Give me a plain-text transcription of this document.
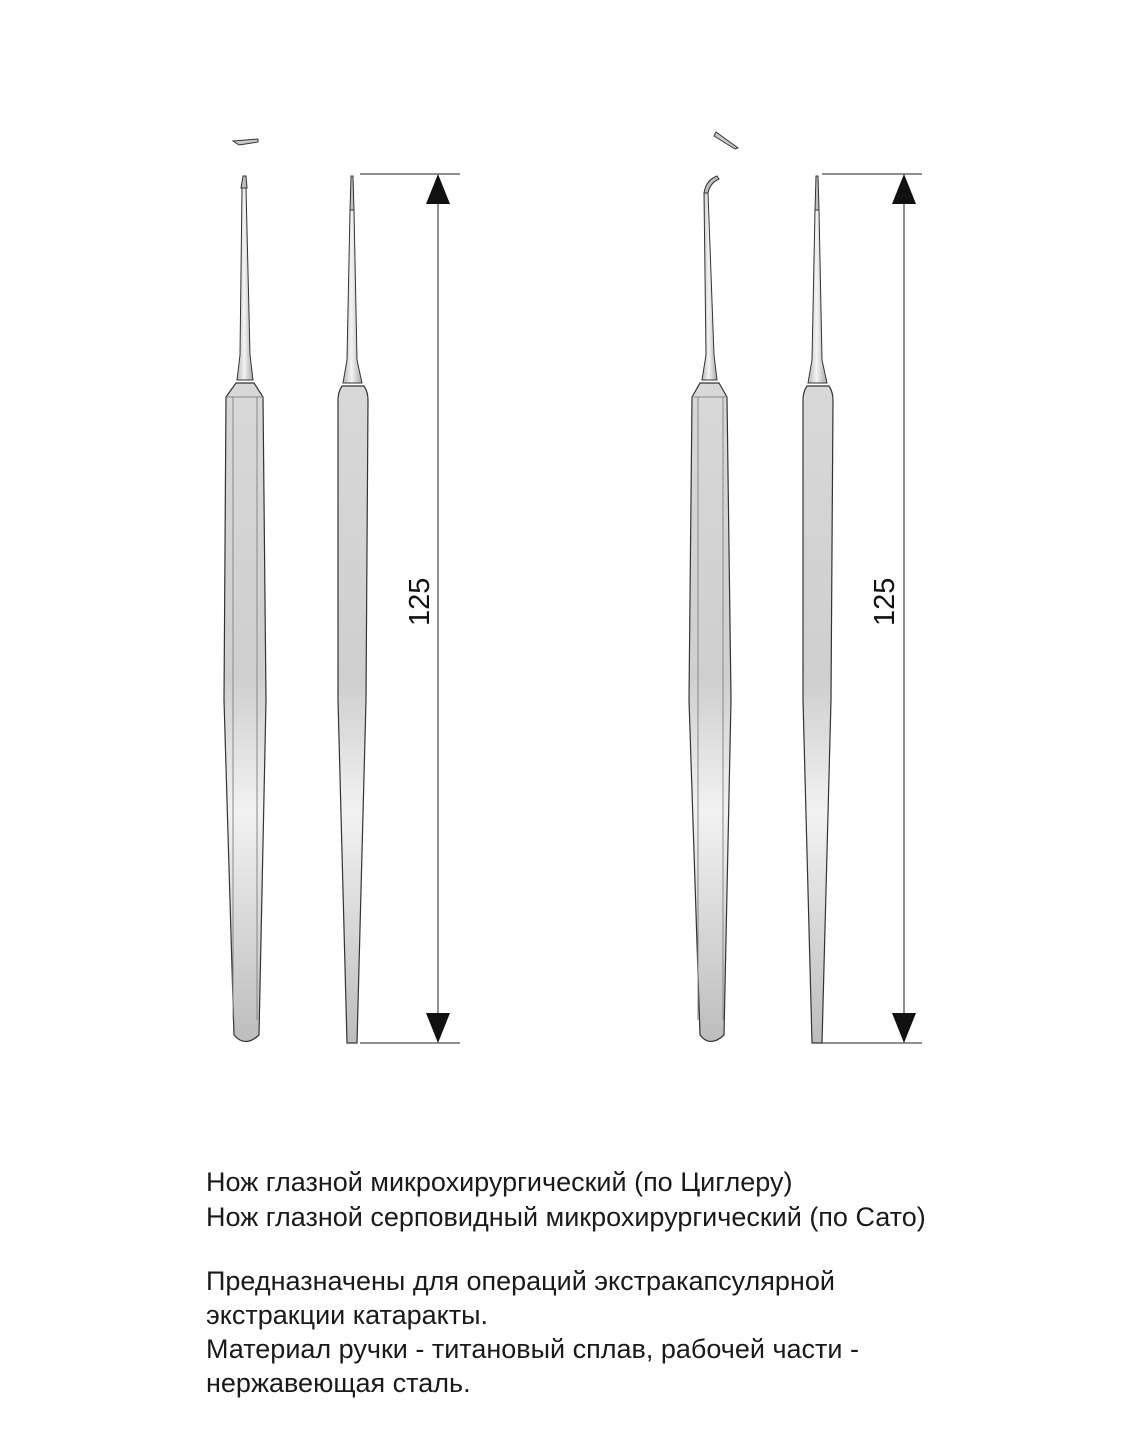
125	125

Нож глазной микрохирургический (по Циглеру)

Нож глазной серповидный микрохирургический (по Сато)

Предназначены для операций экстракапсулярной

экстракции катаракты.

Материал ручки - титановый сплав, рабочей части -

нержавеющая сталь.
